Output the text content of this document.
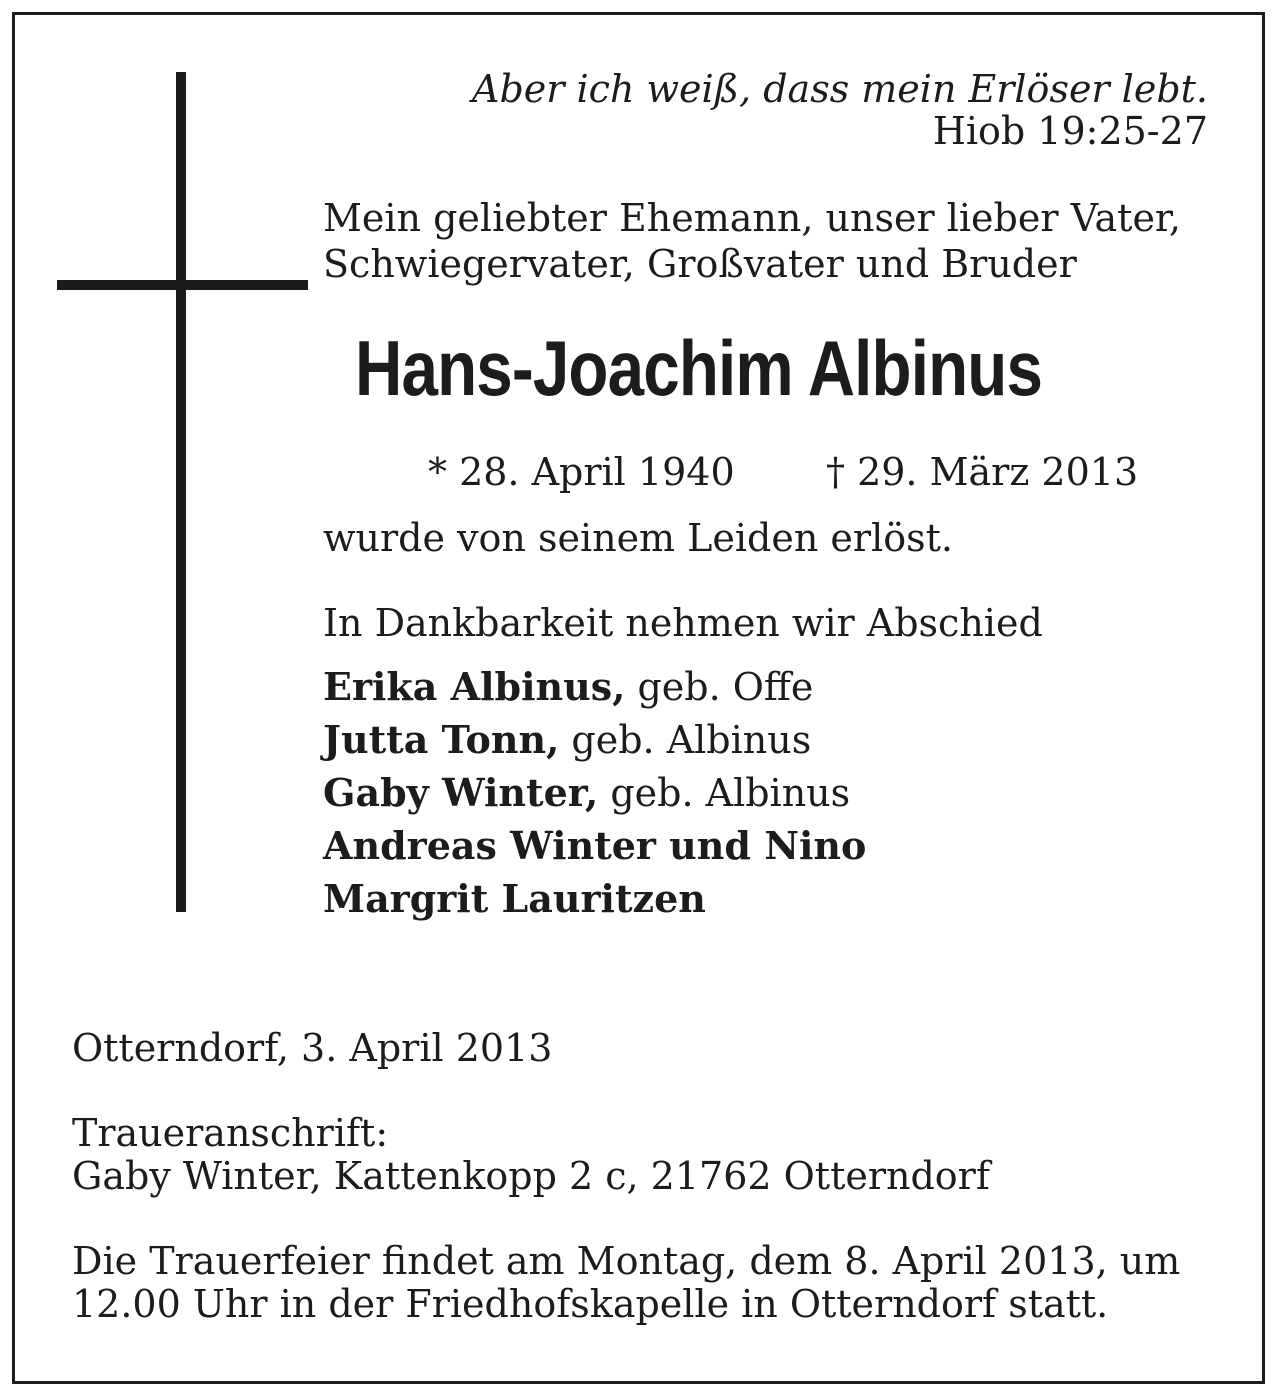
Aber ich weiß, dass mein Erlöser lebt.

Hiob 19:25-27

Mein geliebter Ehemann, unser lieber Vater,
Schwiegervater, Großvater und Bruder
Hans-Joachim Albinus

* 28. April 1940 † 29. März 2013

wurde von seinem Leiden erlöst.

In Dankbarkeit nehmen wir Abschied

Erika Albinus, geb. Offe
Jutta Tonn, geb. Albinus
Gaby Winter, geb. Albinus
Andreas Winter und Nino
Margrit Lauritzen

Otterndorf, 3. April 2013

Traueranschrift:
Gaby Winter, Kattenkopp 2 c, 21762 Otterndorf
Die Trauerfeier findet am Montag, dem 8. April 2013, um
12.00 Uhr in der Friedhofskapelle in Otterndorf statt.
